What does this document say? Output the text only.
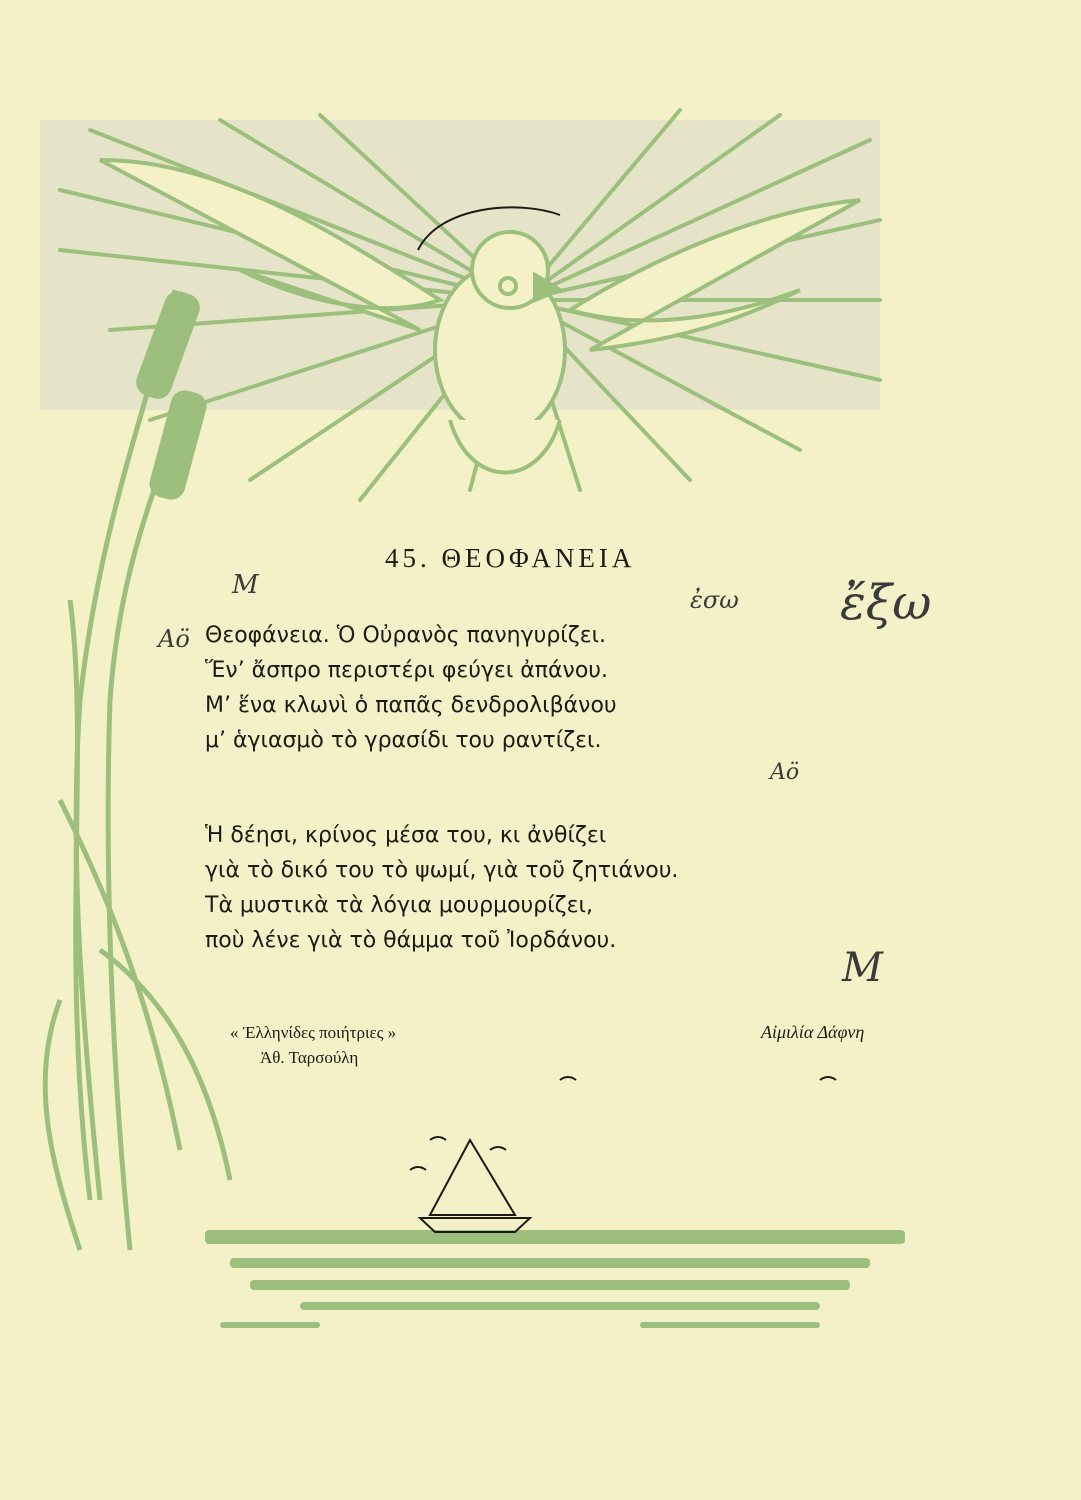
45. ΘΕΟΦΑΝΕΙΑ
Θεοφάνεια. Ὁ Οὐρανὸς πανηγυρίζει.
Ἕν’ ἄσπρο περιστέρι φεύγει ἀπάνου.
Μ’ ἕνα κλωνὶ ὁ παπᾶς δενδρολιβάνου
μ’ ἁγιασμὸ τὸ γρασίδι του ραντίζει.
Ἡ δέησι, κρίνος μέσα του, κι ἀνθίζει
γιὰ τὸ δικό του τὸ ψωμί, γιὰ τοῦ ζητιάνου.
Τὰ μυστικὰ τὰ λόγια μουρμουρίζει,
ποὺ λένε γιὰ τὸ θάμμα τοῦ Ἰορδάνου.
« Ἑλληνίδες ποιήτριες »
Ἀθ. Ταρσούλη
Αἰμιλία Δάφνη
M
Αö
Αö
ἐσω ἔξω
M
